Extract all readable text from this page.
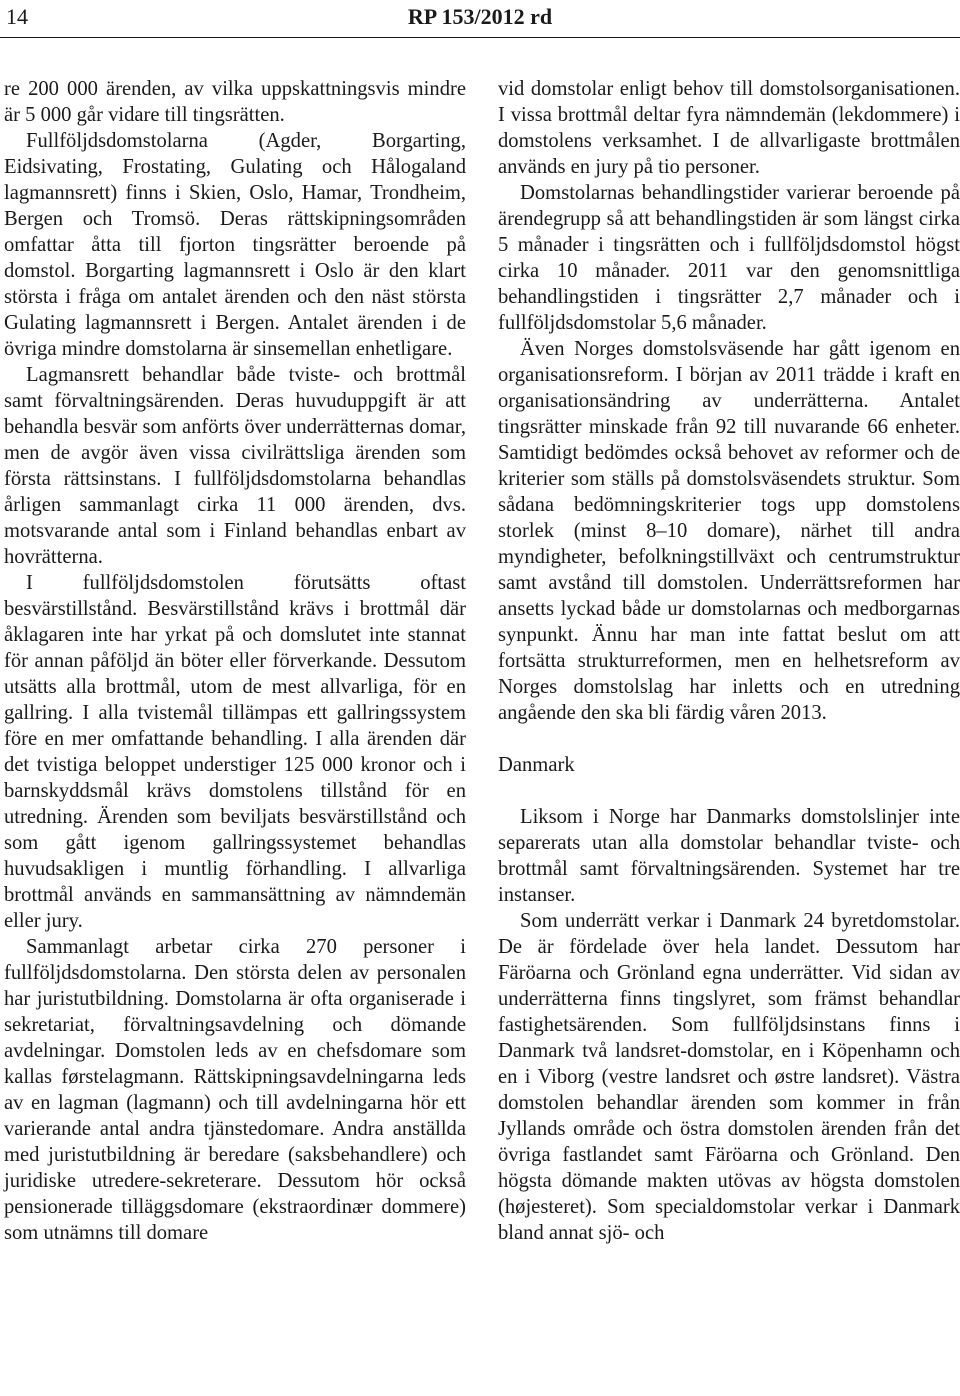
14	RP 153/2012 rd

re 200 000 ärenden, av vilka uppskattningsvis mindre är 5 000 går vidare till tingsrätten.

Fullföljdsdomstolarna (Agder, Borgarting, Eidsivating, Frostating, Gulating och Hålogaland lagmannsrett) finns i Skien, Oslo, Hamar, Trondheim, Bergen och Tromsö. Deras rättskipningsområden omfattar åtta till fjorton tingsrätter beroende på domstol. Borgarting lagmannsrett i Oslo är den klart största i fråga om antalet ärenden och den näst största Gulating lagmannsrett i Bergen. Antalet ärenden i de övriga mindre domstolarna är sinsemellan enhetligare.

Lagmansrett behandlar både tviste- och brottmål samt förvaltningsärenden. Deras huvuduppgift är att behandla besvär som anförts över underrätternas domar, men de avgör även vissa civilrättsliga ärenden som första rättsinstans. I fullföljdsdomstolarna behandlas årligen sammanlagt cirka 11 000 ärenden, dvs. motsvarande antal som i Finland behandlas enbart av hovrätterna.

I fullföljdsdomstolen förutsätts oftast besvärstillstånd. Besvärstillstånd krävs i brottmål där åklagaren inte har yrkat på och domslutet inte stannat för annan påföljd än böter eller förverkande. Dessutom utsätts alla brottmål, utom de mest allvarliga, för en gallring. I alla tvistemål tillämpas ett gallringssystem före en mer omfattande behandling. I alla ärenden där det tvistiga beloppet understiger 125 000 kronor och i barnskyddsmål krävs domstolens tillstånd för en utredning. Ärenden som beviljats besvärstillstånd och som gått igenom gallringssystemet behandlas huvudsakligen i muntlig förhandling. I allvarliga brottmål används en sammansättning av nämndemän eller jury.

Sammanlagt arbetar cirka 270 personer i fullföljdsdomstolarna. Den största delen av personalen har juristutbildning. Domstolarna är ofta organiserade i sekretariat, förvaltningsavdelning och dömande avdelningar. Domstolen leds av en chefsdomare som kallas førstelagmann. Rättskipningsavdelningarna leds av en lagman (lagmann) och till avdelningarna hör ett varierande antal andra tjänstedomare. Andra anställda med juristutbildning är beredare (saksbehandlere) och juridiske utredere-sekreterare. Dessutom hör också pensionerade tilläggsdomare (ekstraordinær dommere) som utnämns till domare

vid domstolar enligt behov till domstolsorganisationen. I vissa brottmål deltar fyra nämndemän (lekdommere) i domstolens verksamhet. I de allvarligaste brottmålen används en jury på tio personer.

Domstolarnas behandlingstider varierar beroende på ärendegrupp så att behandlingstiden är som längst cirka 5 månader i tingsrätten och i fullföljdsdomstol högst cirka 10 månader. 2011 var den genomsnittliga behandlingstiden i tingsrätter 2,7 månader och i fullföljdsdomstolar 5,6 månader.

Även Norges domstolsväsende har gått igenom en organisationsreform. I början av 2011 trädde i kraft en organisationsändring av underrätterna. Antalet tingsrätter minskade från 92 till nuvarande 66 enheter. Samtidigt bedömdes också behovet av reformer och de kriterier som ställs på domstolsväsendets struktur. Som sådana bedömningskriterier togs upp domstolens storlek (minst 8–10 domare), närhet till andra myndigheter, befolkningstillväxt och centrumstruktur samt avstånd till domstolen. Underrättsreformen har ansetts lyckad både ur domstolarnas och medborgarnas synpunkt. Ännu har man inte fattat beslut om att fortsätta strukturreformen, men en helhetsreform av Norges domstolslag har inletts och en utredning angående den ska bli färdig våren 2013.

Danmark

Liksom i Norge har Danmarks domstolslinjer inte separerats utan alla domstolar behandlar tviste- och brottmål samt förvaltningsärenden. Systemet har tre instanser.

Som underrätt verkar i Danmark 24 byretdomstolar. De är fördelade över hela landet. Dessutom har Färöarna och Grönland egna underrätter. Vid sidan av underrätterna finns tingslyret, som främst behandlar fastighetsärenden. Som fullföljdsinstans finns i Danmark två landsret-domstolar, en i Köpenhamn och en i Viborg (vestre landsret och østre landsret). Västra domstolen behandlar ärenden som kommer in från Jyllands område och östra domstolen ärenden från det övriga fastlandet samt Färöarna och Grönland. Den högsta dömande makten utövas av högsta domstolen (højesteret). Som specialdomstolar verkar i Danmark bland annat sjö- och
